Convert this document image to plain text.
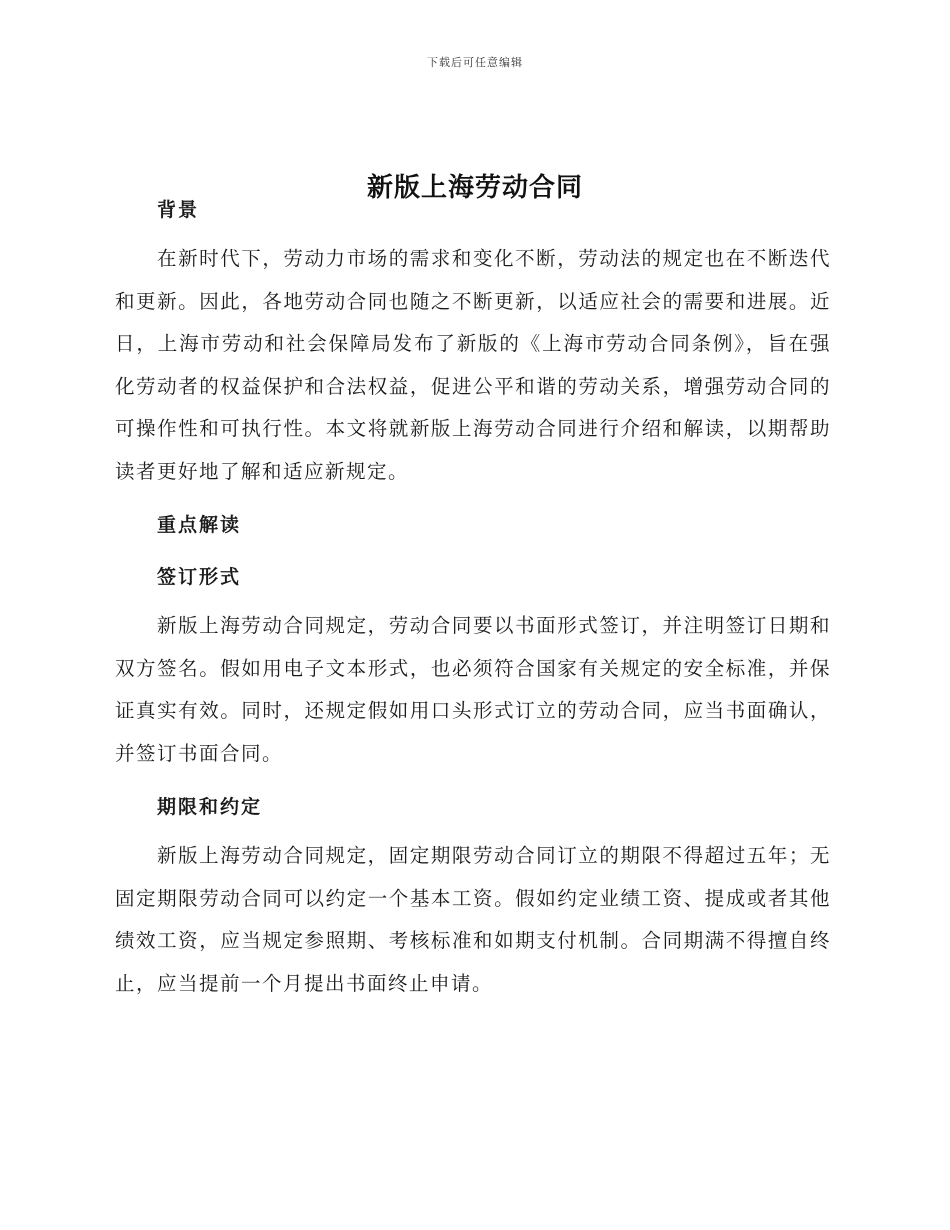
下载后可任意编辑
新版上海劳动合同
背景

在新时代下，劳动力市场的需求和变化不断，劳动法的规定也在不断迭代和更新。因此，各地劳动合同也随之不断更新，以适应社会的需要和进展。近日，上海市劳动和社会保障局发布了新版的《上海市劳动合同条例》，旨在强化劳动者的权益保护和合法权益，促进公平和谐的劳动关系，增强劳动合同的可操作性和可执行性。本文将就新版上海劳动合同进行介绍和解读，以期帮助读者更好地了解和适应新规定。

重点解读
签订形式

新版上海劳动合同规定，劳动合同要以书面形式签订，并注明签订日期和双方签名。假如用电子文本形式，也必须符合国家有关规定的安全标准，并保证真实有效。同时，还规定假如用口头形式订立的劳动合同，应当书面确认，并签订书面合同。

期限和约定

新版上海劳动合同规定，固定期限劳动合同订立的期限不得超过五年；无固定期限劳动合同可以约定一个基本工资。假如约定业绩工资、提成或者其他绩效工资，应当规定参照期、考核标准和如期支付机制。合同期满不得擅自终止，应当提前一个月提出书面终止申请。
